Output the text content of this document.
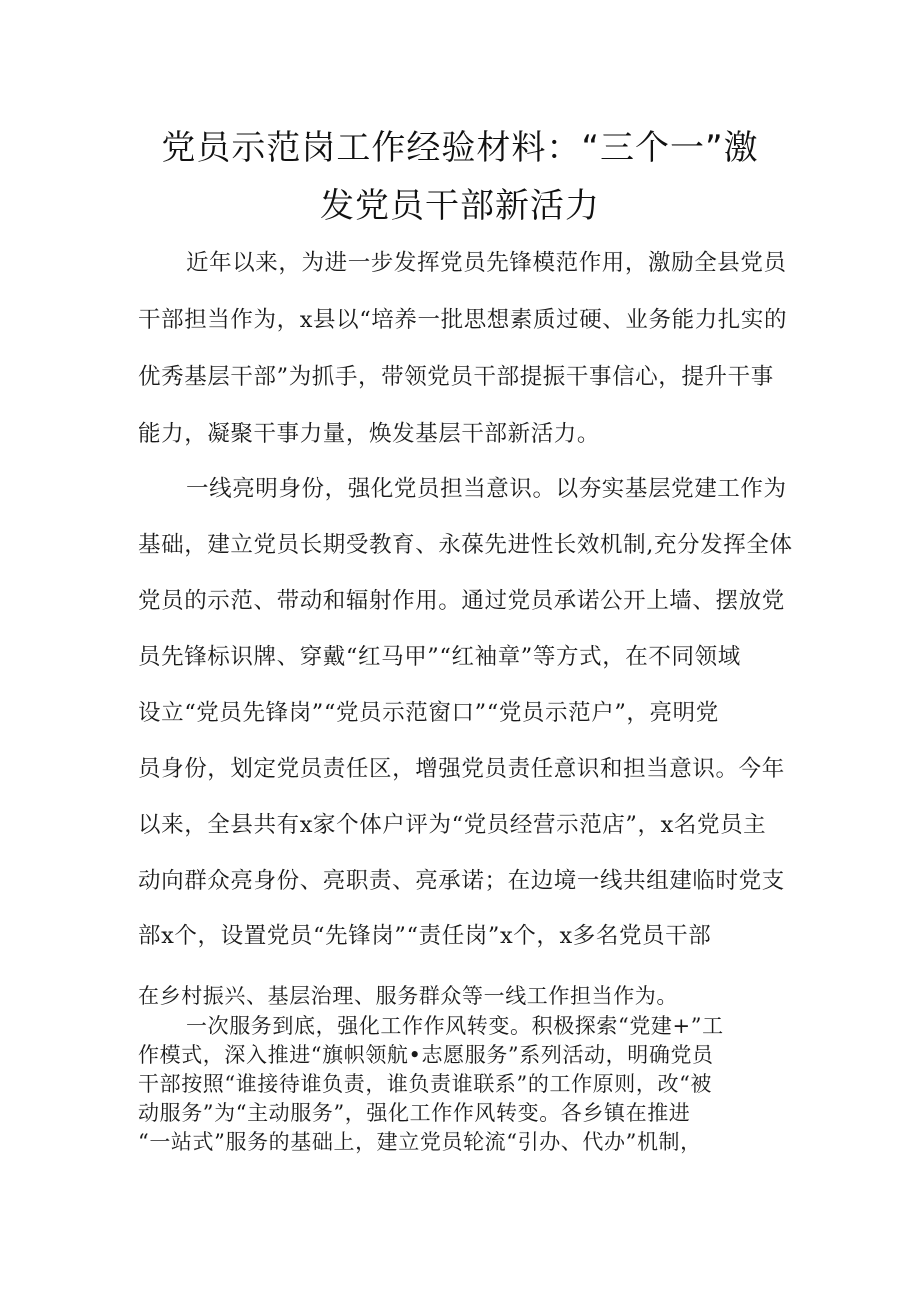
党员示范岗工作经验材料：“三个一”激
发党员干部新活力
近年以来，为进一步发挥党员先锋模范作用，激励全县党员
干部担当作为，x县以“培养一批思想素质过硬、业务能力扎实的
优秀基层干部”为抓手，带领党员干部提振干事信心，提升干事
能力，凝聚干事力量，焕发基层干部新活力。
一线亮明身份，强化党员担当意识。以夯实基层党建工作为
基础，建立党员长期受教育、永葆先进性长效机制,充分发挥全体
党员的示范、带动和辐射作用。通过党员承诺公开上墙、摆放党
员先锋标识牌、穿戴“红马甲”“红袖章”等方式，在不同领域
设立“党员先锋岗”“党员示范窗口”“党员示范户”，亮明党
员身份，划定党员责任区，增强党员责任意识和担当意识。今年
以来，全县共有x家个体户评为“党员经营示范店”，x名党员主
动向群众亮身份、亮职责、亮承诺；在边境一线共组建临时党支
部x个，设置党员“先锋岗”“责任岗”x个，x多名党员干部
在乡村振兴、基层治理、服务群众等一线工作担当作为。
一次服务到底，强化工作作风转变。积极探索“党建+”工
作模式，深入推进“旗帜领航•志愿服务”系列活动，明确党员
干部按照“谁接待谁负责，谁负责谁联系”的工作原则，改“被
动服务”为“主动服务”，强化工作作风转变。各乡镇在推进
“一站式”服务的基础上，建立党员轮流“引办、代办”机制，
